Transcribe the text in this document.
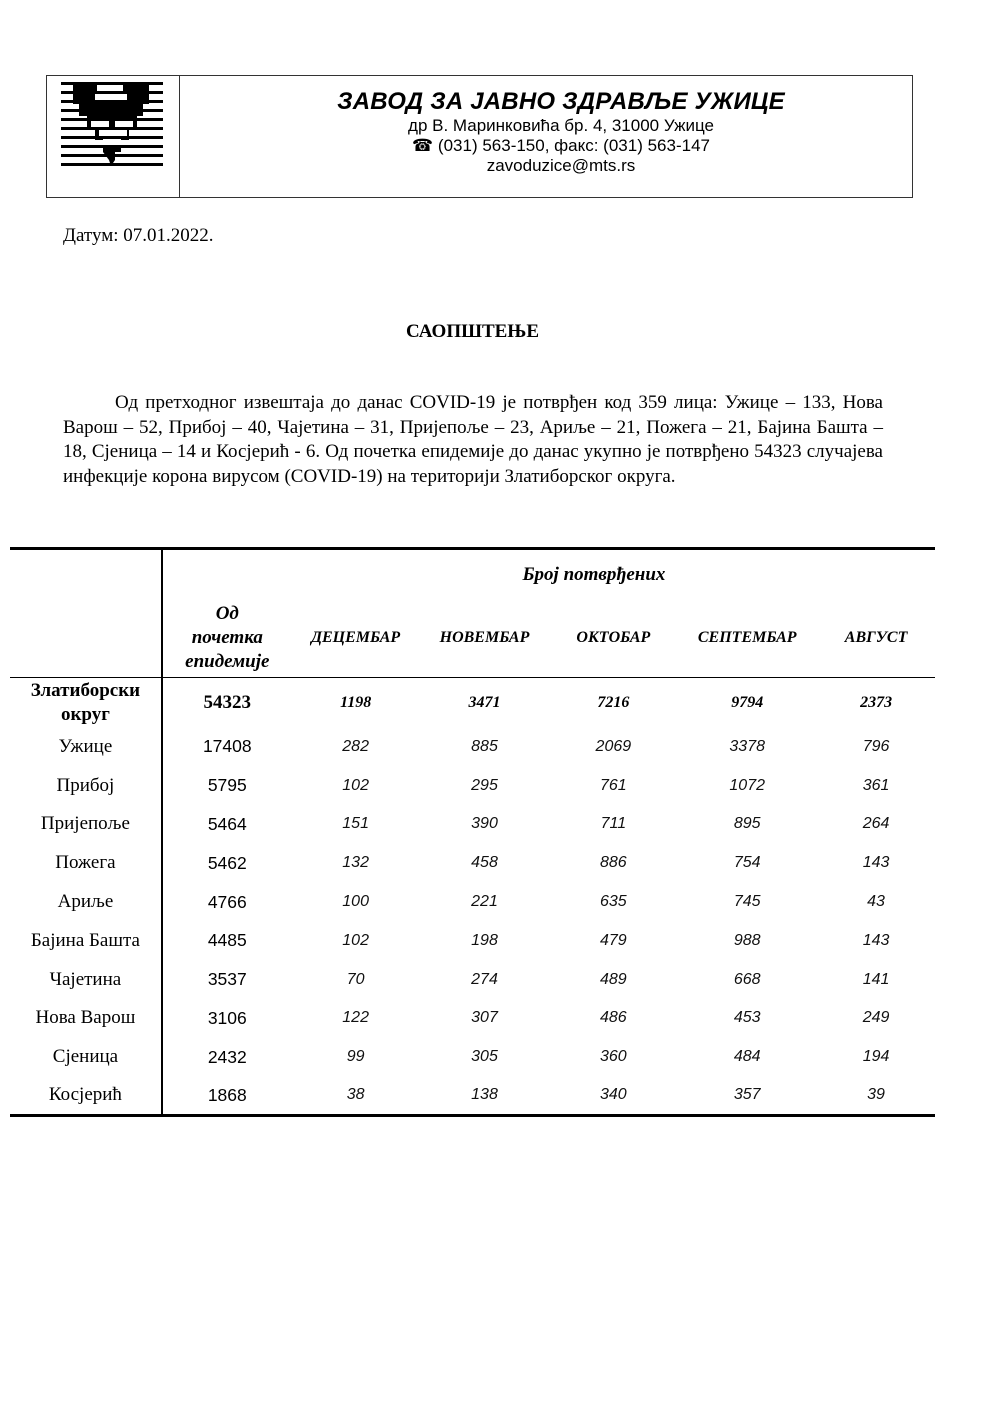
ЗАВОД ЗА ЈАВНО ЗДРАВЉЕ УЖИЦЕ
др В. Маринковића бр. 4, 31000 Ужице
☎ (031) 563-150, факс: (031) 563-147
zavoduzice@mts.rs
Датум: 07.01.2022.
САОПШТЕЊЕ
Од претходног извештаја до данас COVID-19 је потврђен код 359 лица: Ужице – 133, Нова Варош – 52, Прибој – 40, Чајетина – 31, Пријепоље – 23, Ариље – 21, Пожега – 21, Бајина Башта – 18, Сјеница – 14 и Косјерић - 6. Од почетка епидемије до данас укупно је потврђено 54323 случајева инфекције корона вирусом (COVID-19) на територији Златиборског округа.
	Број потврђених					

	Од
почетка
епидемије	ДЕЦЕМБАР	НОВЕМБАР	ОКТОБАР	СЕПТЕМБАР	АВГУСТ

Златиборски
округ	54323	1198	3471	7216	9794	2373
Ужице	17408	282	885	2069	3378	796
Прибој	5795	102	295	761	1072	361
Пријепоље	5464	151	390	711	895	264
Пожега	5462	132	458	886	754	143
Ариље	4766	100	221	635	745	43
Бајина Башта	4485	102	198	479	988	143
Чајетина	3537	70	274	489	668	141
Нова Варош	3106	122	307	486	453	249
Сјеница	2432	99	305	360	484	194
Косјерић	1868	38	138	340	357	39
